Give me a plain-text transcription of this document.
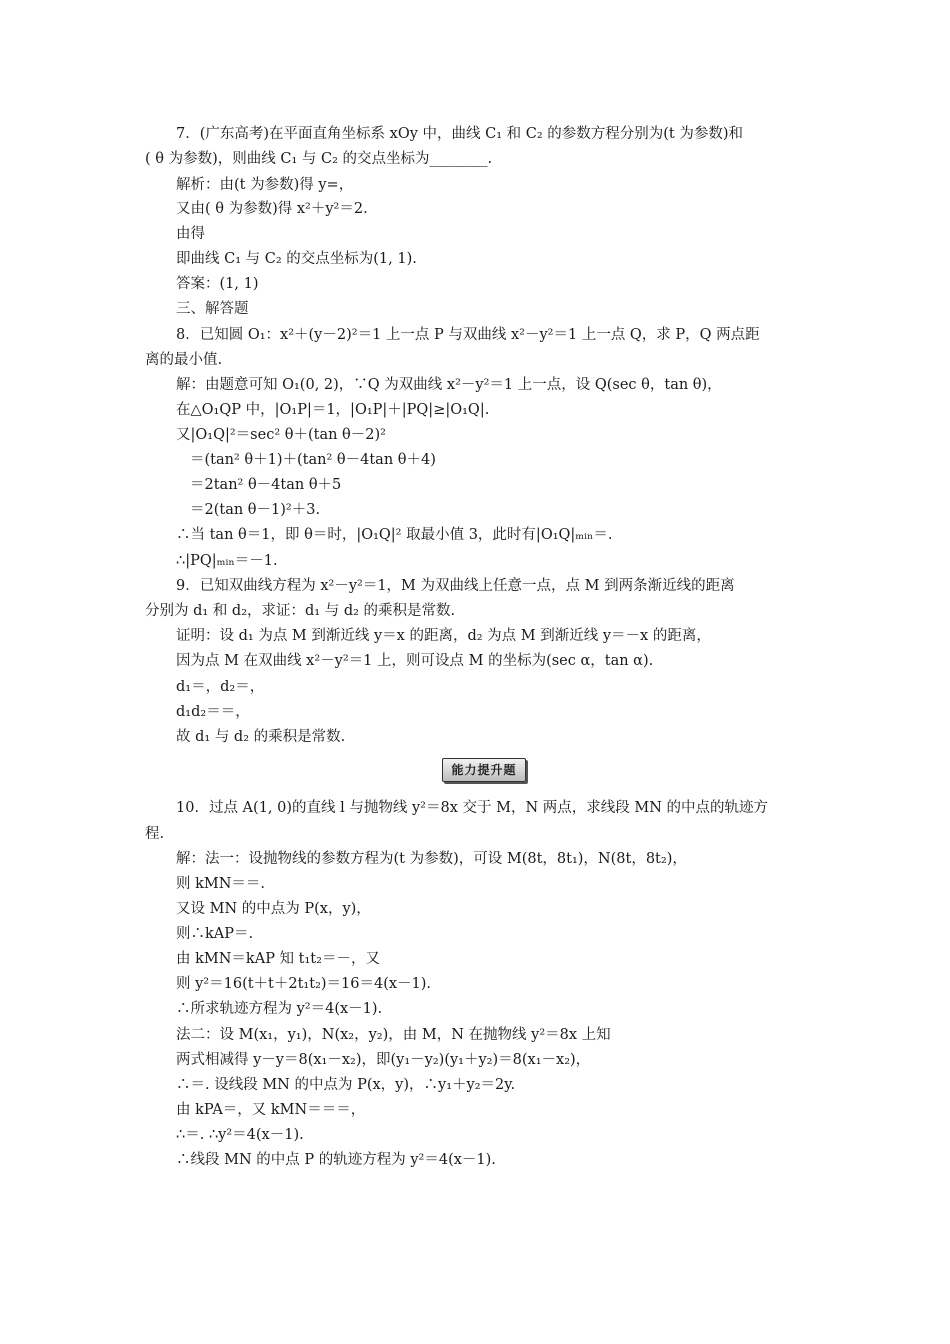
7．(广东高考)在平面直角坐标系 xOy 中，曲线 C₁ 和 C₂ 的参数方程分别为(t 为参数)和
( θ 为参数)，则曲线 C₁ 与 C₂ 的交点坐标为________.
解析：由(t 为参数)得 y=，
又由( θ 为参数)得 x²＋y²＝2.
由得
即曲线 C₁ 与 C₂ 的交点坐标为(1, 1).
答案：(1, 1)
三、解答题
8．已知圆 O₁：x²＋(y－2)²＝1 上一点 P 与双曲线 x²－y²＝1 上一点 Q，求 P，Q 两点距
离的最小值.
解：由题意可知 O₁(0, 2)，∵Q 为双曲线 x²－y²＝1 上一点，设 Q(sec θ，tan θ)，
在△O₁QP 中，|O₁P|＝1，|O₁P|＋|PQ|≥|O₁Q|.
又|O₁Q|²＝sec² θ＋(tan θ－2)²
＝(tan² θ＋1)＋(tan² θ－4tan θ＋4)
＝2tan² θ－4tan θ＋5
＝2(tan θ－1)²＋3.
∴当 tan θ＝1，即 θ＝时，|O₁Q|² 取最小值 3，此时有|O₁Q|ₘᵢₙ＝.
∴|PQ|ₘᵢₙ＝－1.
9．已知双曲线方程为 x²－y²＝1，M 为双曲线上任意一点，点 M 到两条渐近线的距离
分别为 d₁ 和 d₂，求证：d₁ 与 d₂ 的乘积是常数.
证明：设 d₁ 为点 M 到渐近线 y＝x 的距离，d₂ 为点 M 到渐近线 y＝－x 的距离，
因为点 M 在双曲线 x²－y²＝1 上，则可设点 M 的坐标为(sec α，tan α).
d₁＝，d₂＝，
d₁d₂＝＝，
故 d₁ 与 d₂ 的乘积是常数.
能力提升题
10．过点 A(1, 0)的直线 l 与抛物线 y²＝8x 交于 M，N 两点，求线段 MN 的中点的轨迹方
程.
解：法一：设抛物线的参数方程为(t 为参数)，可设 M(8t，8t₁)，N(8t，8t₂)，
则 kMN＝＝.
又设 MN 的中点为 P(x，y)，
则∴kAP＝.
由 kMN＝kAP 知 t₁t₂＝－，又
则 y²＝16(t＋t＋2t₁t₂)＝16＝4(x－1).
∴所求轨迹方程为 y²＝4(x－1).
法二：设 M(x₁，y₁)，N(x₂，y₂)，由 M，N 在抛物线 y²＝8x 上知
两式相减得 y－y＝8(x₁－x₂)，即(y₁－y₂)(y₁＋y₂)＝8(x₁－x₂)，
∴＝. 设线段 MN 的中点为 P(x，y)，∴y₁＋y₂＝2y.
由 kPA＝，又 kMN＝＝＝，
∴＝. ∴y²＝4(x－1).
∴线段 MN 的中点 P 的轨迹方程为 y²＝4(x－1).
